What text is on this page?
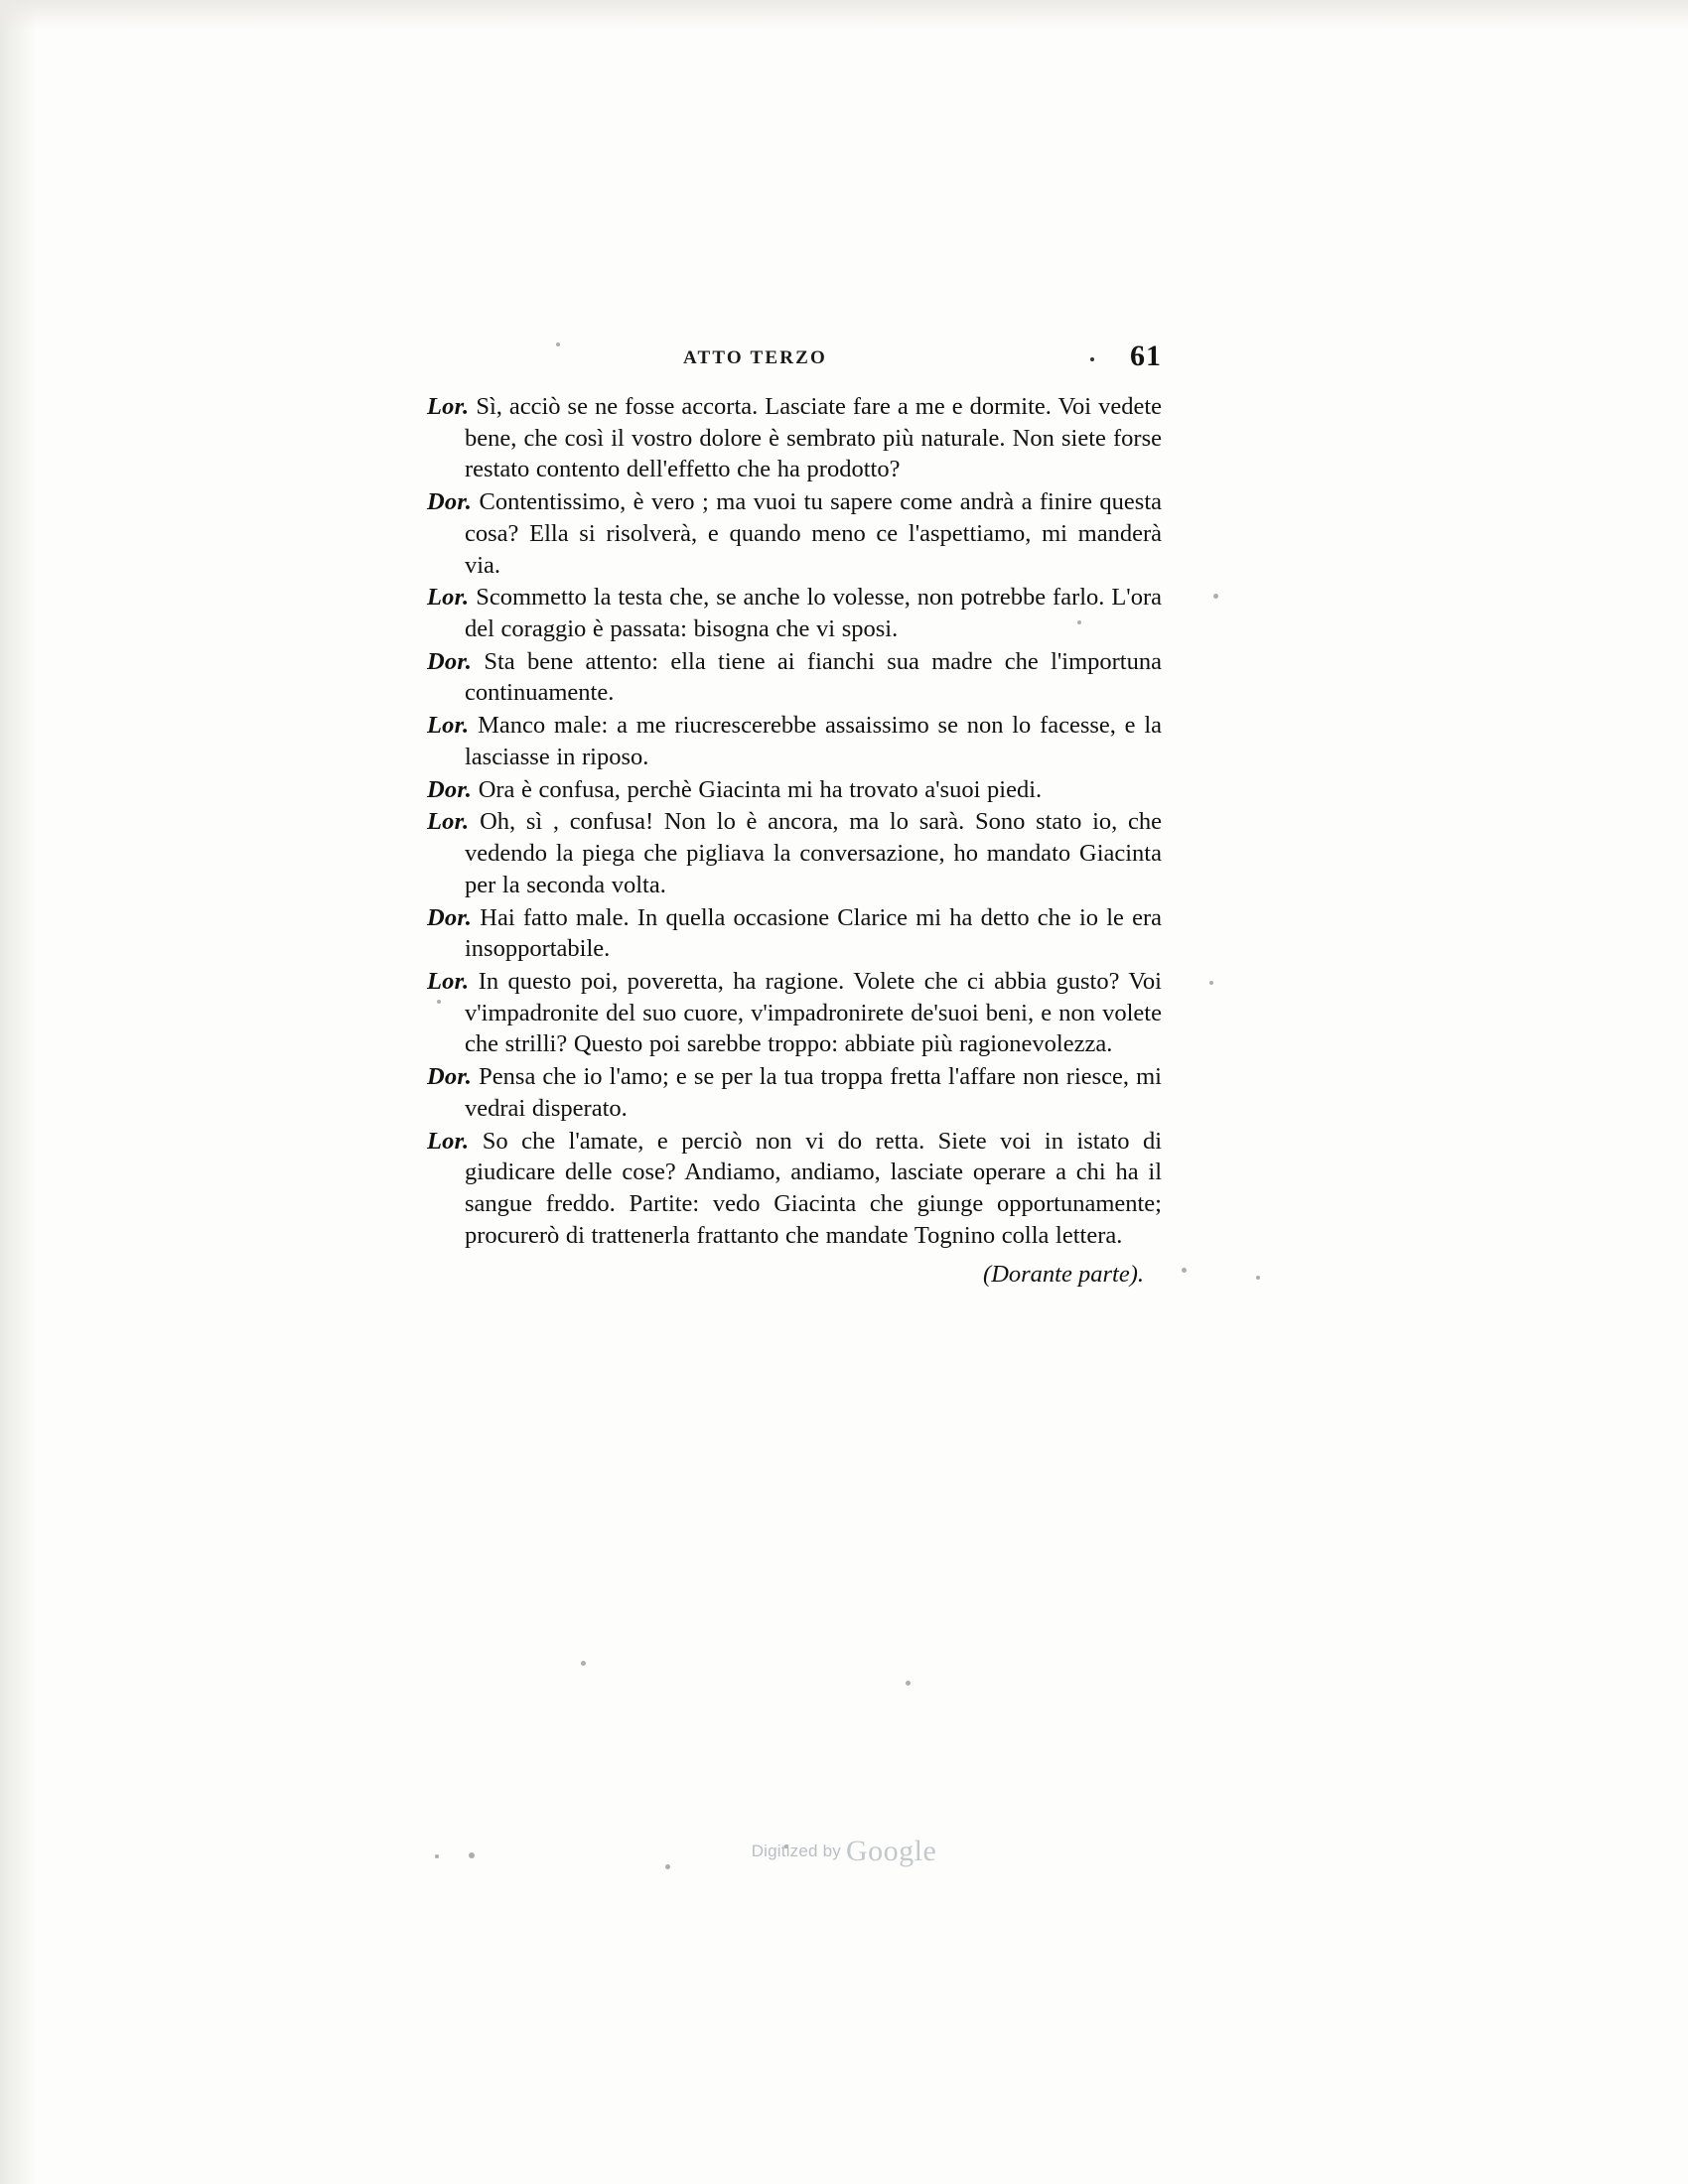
ATTO TERZO	61

Lor. Sì, acciò se ne fosse accorta. Lasciate fare a me e dormite. Voi vedete bene, che così il vostro dolore è sembrato più naturale. Non siete forse restato contento dell'effetto che ha prodotto?

Dor. Contentissimo, è vero ; ma vuoi tu sapere come andrà a finire questa cosa? Ella si risolverà, e quando meno ce l'aspettiamo, mi manderà via.

Lor. Scommetto la testa che, se anche lo volesse, non potrebbe farlo. L'ora del coraggio è passata: bisogna che vi sposi.

Dor. Sta bene attento: ella tiene ai fianchi sua madre che l'importuna continuamente.

Lor. Manco male: a me riucrescerebbe assaissimo se non lo facesse, e la lasciasse in riposo.

Dor. Ora è confusa, perchè Giacinta mi ha trovato a'suoi piedi.

Lor. Oh, sì , confusa! Non lo è ancora, ma lo sarà. Sono stato io, che vedendo la piega che pigliava la conversazione, ho mandato Giacinta per la seconda volta.

Dor. Hai fatto male. In quella occasione Clarice mi ha detto che io le era insopportabile.

Lor. In questo poi, poveretta, ha ragione. Volete che ci abbia gusto? Voi v'impadronite del suo cuore, v'impadronirete de'suoi beni, e non volete che strilli? Questo poi sarebbe troppo: abbiate più ragionevolezza.

Dor. Pensa che io l'amo; e se per la tua troppa fretta l'affare non riesce, mi vedrai disperato.

Lor. So che l'amate, e perciò non vi do retta. Siete voi in istato di giudicare delle cose? Andiamo, andiamo, lasciate operare a chi ha il sangue freddo. Partite: vedo Giacinta che giunge opportunamente; procurerò di trattenerla frattanto che mandate Tognino colla lettera.

(Dorante parte).
Digitized by Google
